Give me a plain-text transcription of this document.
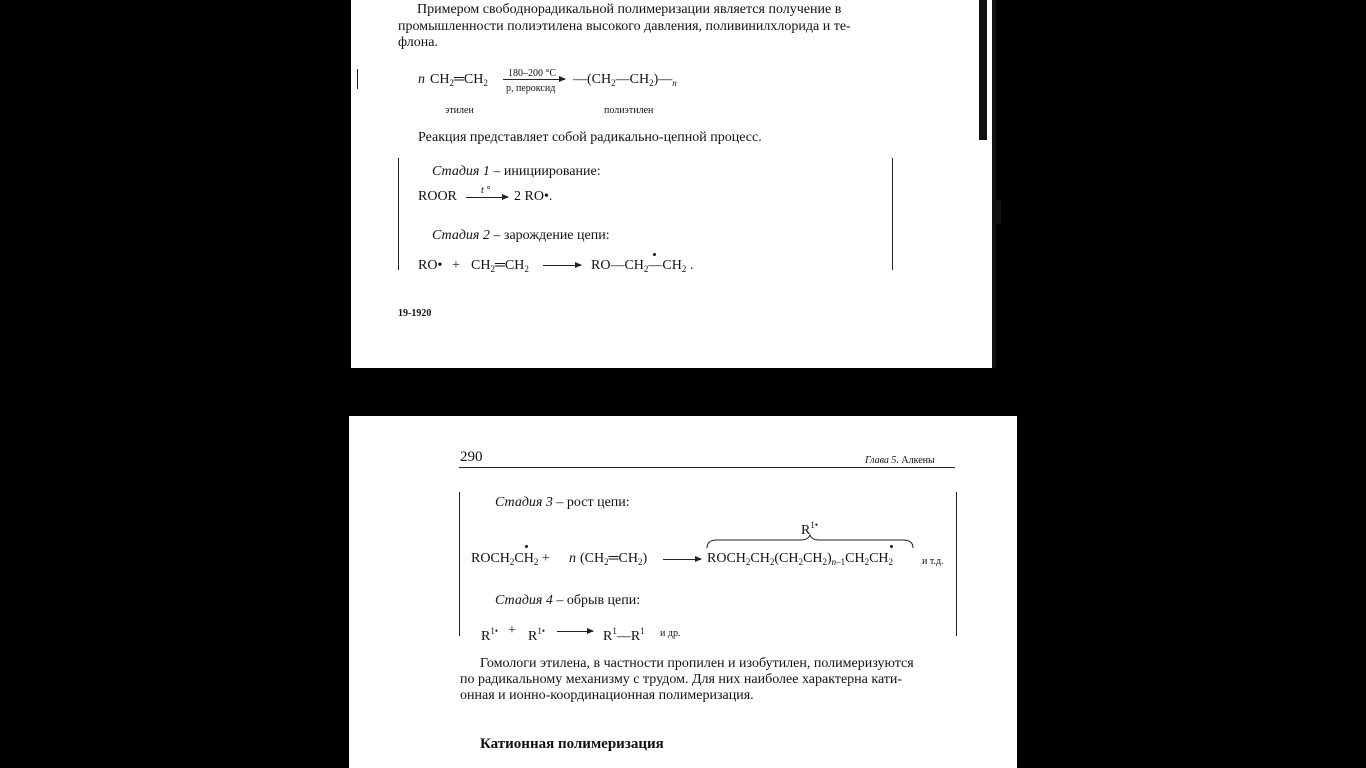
Примером свободнорадикальной полимеризации является получение в
промышленности полиэтилена высокого давления, поливинилхлорида и те-
флона.
n $CH_2═CH_2$
180–200 °C
p, пероксид
$—(CH_2—CH_2)—_n$
этилен	полиэтилен
Реакция представляет собой радикально-цепной процесс.
Стадия 1 – инициирование:
ROOR t ° 2 RO•.
Стадия 2 – зарождение цепи:
RO• + $CH_2═CH_2$	$RO—CH_2—CH_2$ .
19-1920
290	Глава 5. Алкены
Стадия 3 – рост цепи:
$R^{1•}$
$ROCH_2CH_2 + n$ $(CH_2═CH_2)$	$ROCH_2CH_2(CH_2CH_2)_{n-1}CH_2CH_2$	и т.д.
Стадия 4 – обрыв цепи:
$R^{1•} + R^{1•}$	$R^1—R^1$ и др.
Гомологи этилена, в частности пропилен и изобутилен, полимеризуются
по радикальному механизму с трудом. Для них наиболее характерна кати-
онная и ионно-координационная полимеризация.
Катионная полимеризация
